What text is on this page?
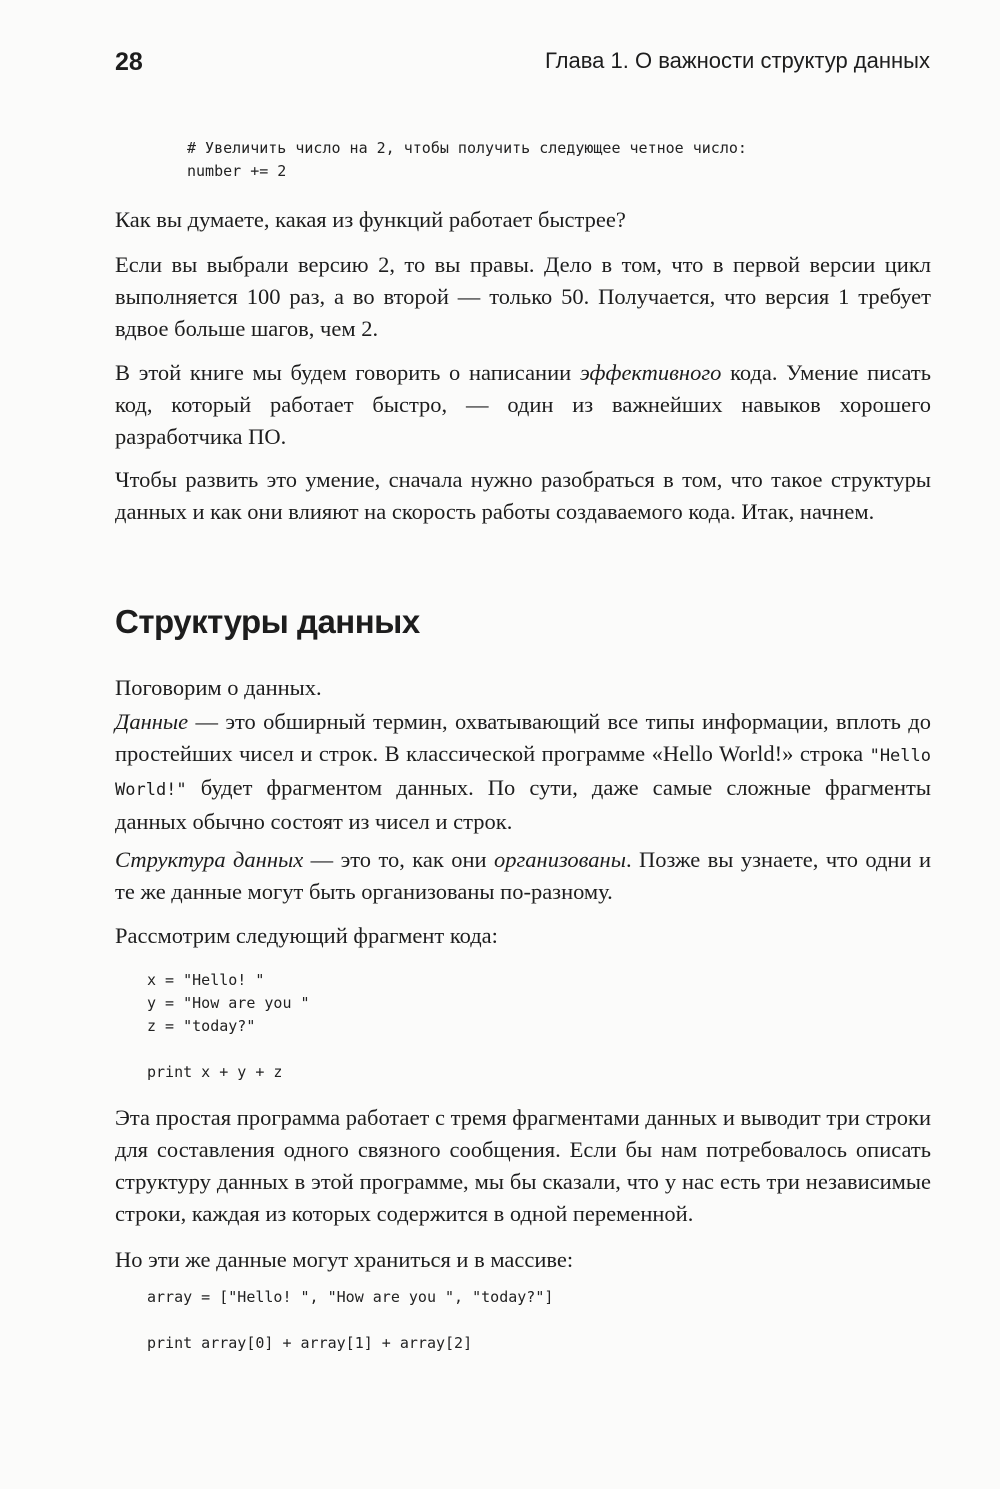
28	Глава 1. О важности структур данных
# Увеличить число на 2, чтобы получить следующее четное число:
number += 2

Как вы думаете, какая из функций работает быстрее?

Если вы выбрали версию 2, то вы правы. Дело в том, что в первой версии цикл выполняется 100 раз, а во второй — только 50. Получается, что версия 1 требует вдвое больше шагов, чем 2.

В этой книге мы будем говорить о написании эффективного кода. Умение писать код, который работает быстро, — один из важнейших навыков хорошего разработчика ПО.

Чтобы развить это умение, сначала нужно разобраться в том, что такое структуры данных и как они влияют на скорость работы создаваемого кода. Итак, начнем.

Структуры данных

Поговорим о данных.

Данные — это обширный термин, охватывающий все типы информации, вплоть до простейших чисел и строк. В классической программе «Hello World!» строка "Hello World!" будет фрагментом данных. По сути, даже самые сложные фрагменты данных обычно состоят из чисел и строк.

Структура данных — это то, как они организованы. Позже вы узнаете, что одни и те же данные могут быть организованы по-разному.

Рассмотрим следующий фрагмент кода:

x = "Hello! "
y = "How are you "
z = "today?"

print x + y + z

Эта простая программа работает с тремя фрагментами данных и выводит три строки для составления одного связного сообщения. Если бы нам потребовалось описать структуру данных в этой программе, мы бы сказали, что у нас есть три независимые строки, каждая из которых содержится в одной переменной.

Но эти же данные могут храниться и в массиве:

array = ["Hello! ", "How are you ", "today?"]

print array[0] + array[1] + array[2]
